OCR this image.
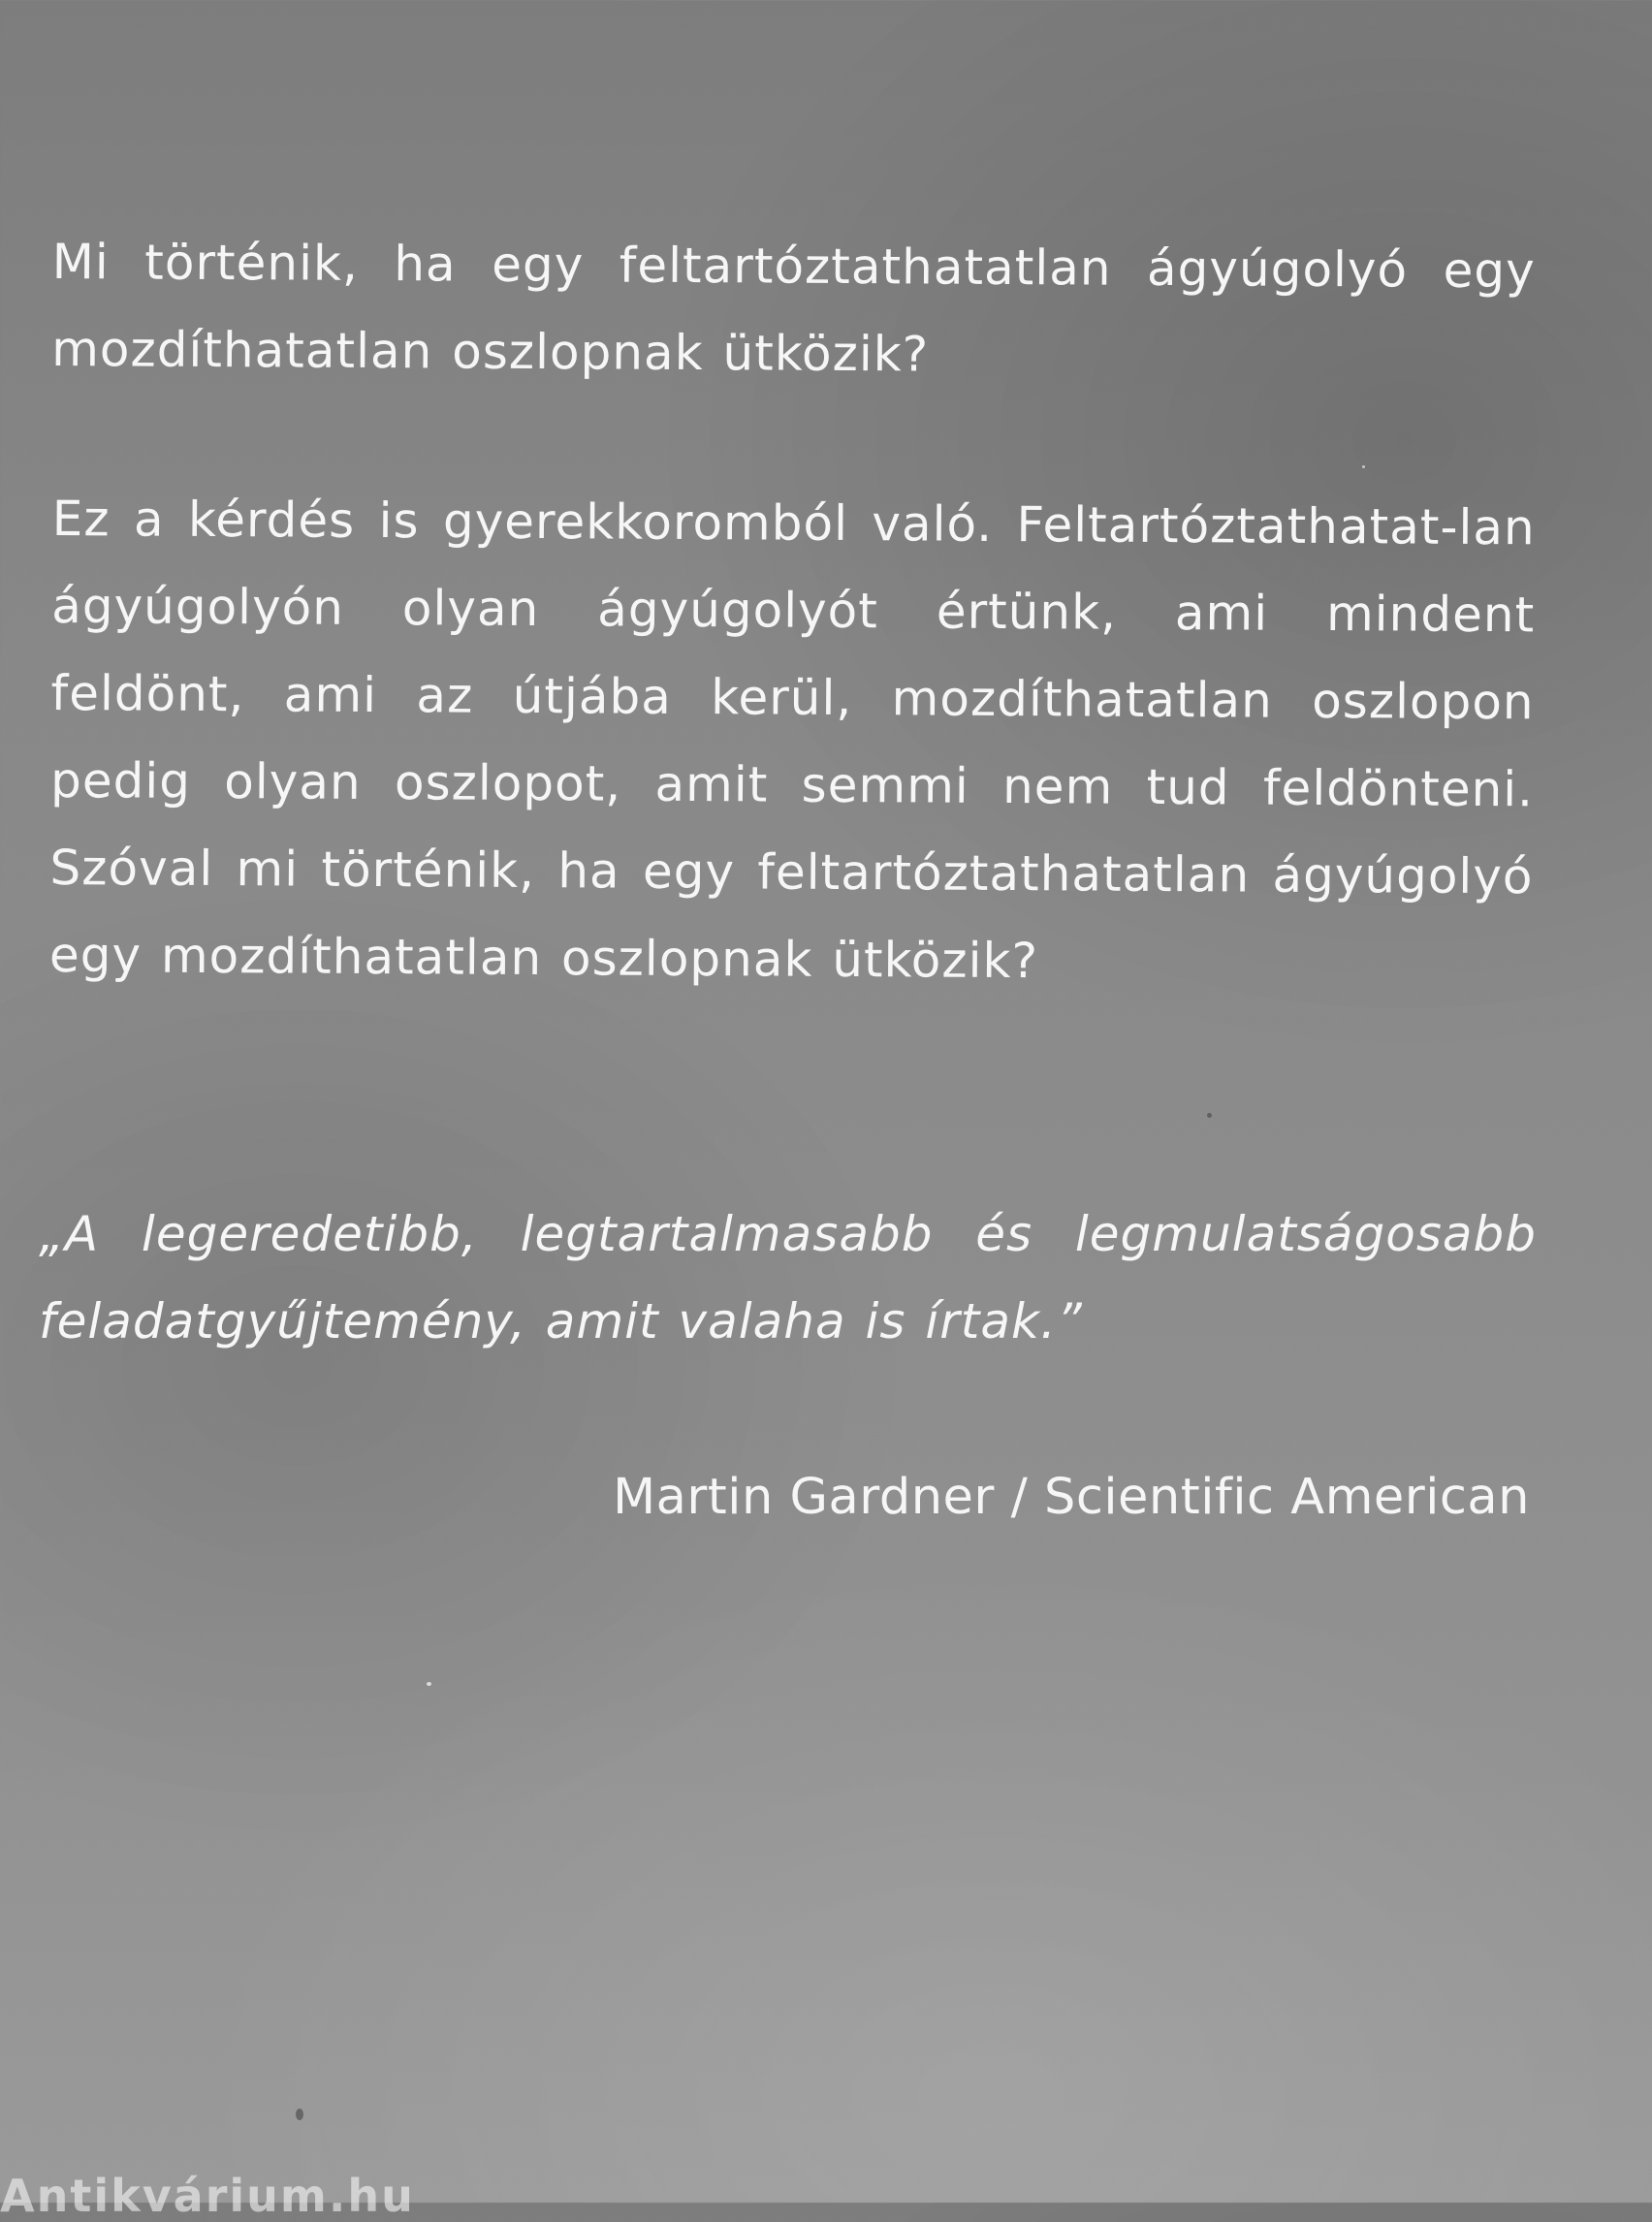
Mi történik, ha egy feltartóztathatatlan ágyúgolyó egy mozdíthatatlan oszlopnak ütközik?

Ez a kérdés is gyerekkoromból való. Feltartóztathatat-lan ágyúgolyón olyan ágyúgolyót értünk, ami mindent feldönt, ami az útjába kerül, mozdíthatatlan oszlopon pedig olyan oszlopot, amit semmi nem tud feldönteni. Szóval mi történik, ha egy feltartóztathatatlan ágyúgolyó egy mozdíthatatlan oszlopnak ütközik?

„A legeredetibb, legtartalmasabb és legmulatságosabb feladatgyűjtemény, amit valaha is írtak.”

Martin Gardner / Scientific American
Antikvárium.hu
